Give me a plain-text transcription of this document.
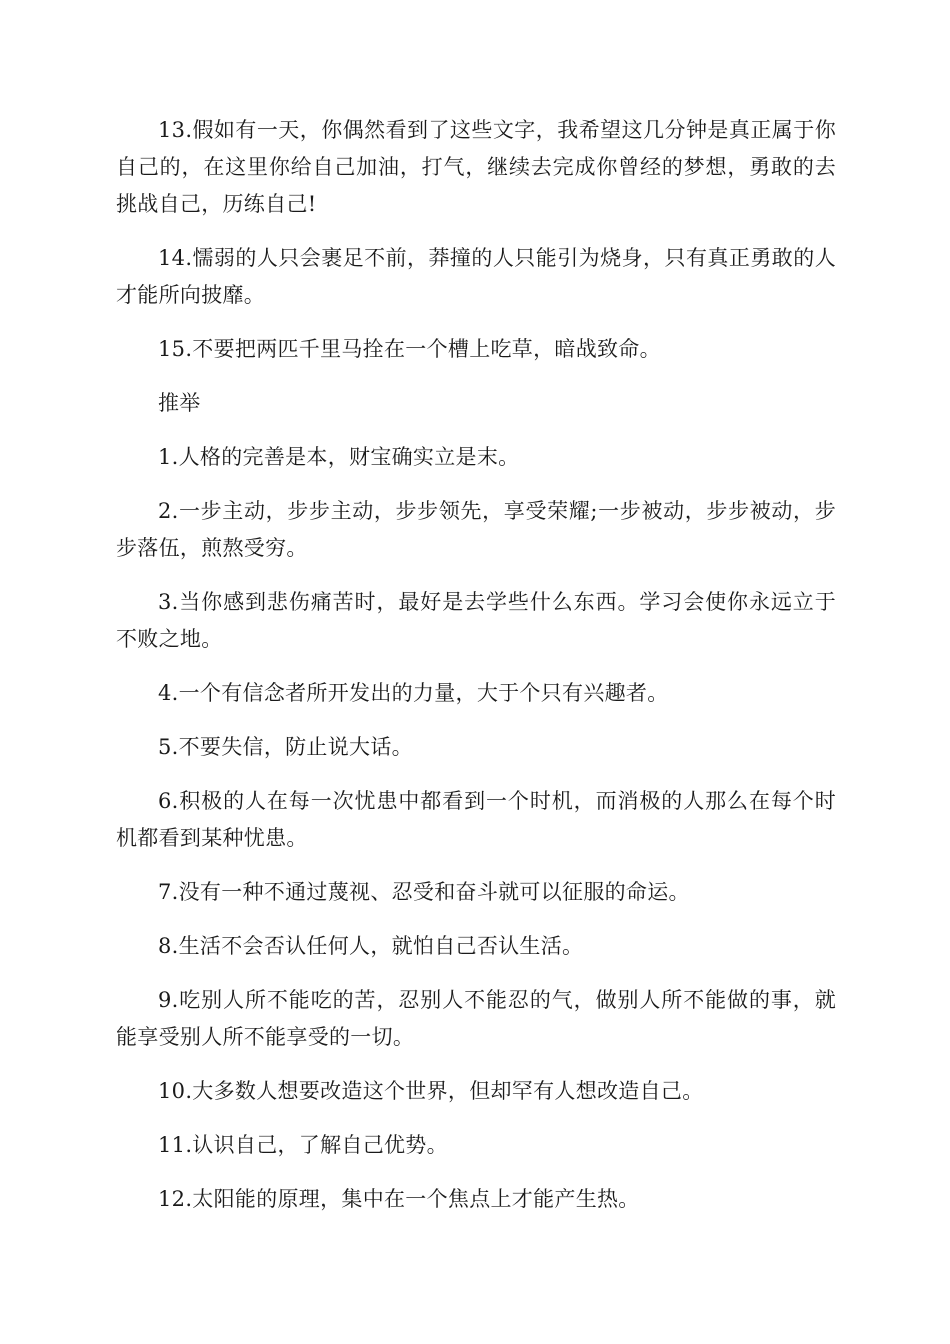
13.假如有一天，你偶然看到了这些文字，我希望这几分钟是真正属于你自己的，在这里你给自己加油，打气，继续去完成你曾经的梦想，勇敢的去挑战自己，历练自己!

14.懦弱的人只会裹足不前，莽撞的人只能引为烧身，只有真正勇敢的人才能所向披靡。

15.不要把两匹千里马拴在一个槽上吃草，暗战致命。

推举

1.人格的完善是本，财宝确实立是末。

2.一步主动，步步主动，步步领先，享受荣耀;一步被动，步步被动，步步落伍，煎熬受穷。

3.当你感到悲伤痛苦时，最好是去学些什么东西。学习会使你永远立于不败之地。

4.一个有信念者所开发出的力量，大于个只有兴趣者。

5.不要失信，防止说大话。

6.积极的人在每一次忧患中都看到一个时机，而消极的人那么在每个时机都看到某种忧患。

7.没有一种不通过蔑视、忍受和奋斗就可以征服的命运。

8.生活不会否认任何人，就怕自己否认生活。

9.吃别人所不能吃的苦，忍别人不能忍的气，做别人所不能做的事，就能享受别人所不能享受的一切。

10.大多数人想要改造这个世界，但却罕有人想改造自己。

11.认识自己，了解自己优势。

12.太阳能的原理，集中在一个焦点上才能产生热。
